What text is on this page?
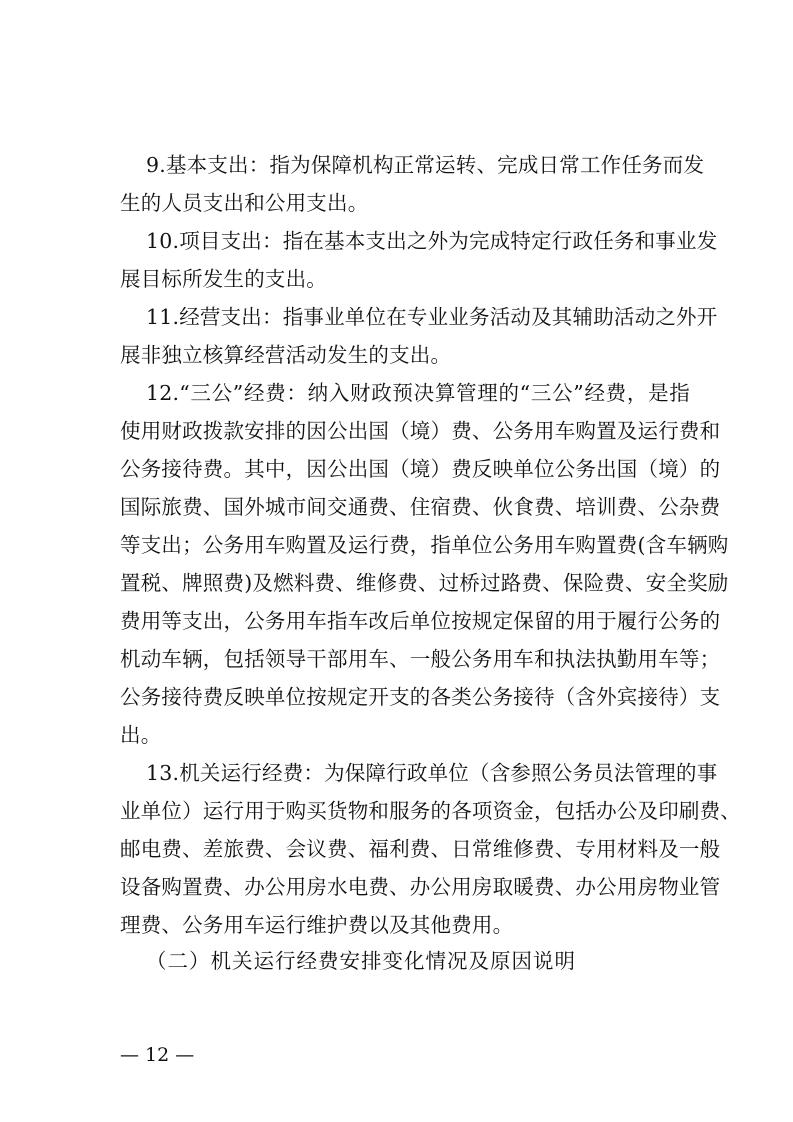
9.基本支出：指为保障机构正常运转、完成日常工作任务而发
生的人员支出和公用支出。
10.项目支出：指在基本支出之外为完成特定行政任务和事业发
展目标所发生的支出。
11.经营支出：指事业单位在专业业务活动及其辅助活动之外开
展非独立核算经营活动发生的支出。
12.“三公”经费：纳入财政预决算管理的“三公”经费，是指
使用财政拨款安排的因公出国（境）费、公务用车购置及运行费和
公务接待费。其中，因公出国（境）费反映单位公务出国（境）的
国际旅费、国外城市间交通费、住宿费、伙食费、培训费、公杂费
等支出；公务用车购置及运行费，指单位公务用车购置费(含车辆购
置税、牌照费)及燃料费、维修费、过桥过路费、保险费、安全奖励
费用等支出，公务用车指车改后单位按规定保留的用于履行公务的
机动车辆，包括领导干部用车、一般公务用车和执法执勤用车等；
公务接待费反映单位按规定开支的各类公务接待（含外宾接待）支
出。
13.机关运行经费：为保障行政单位（含参照公务员法管理的事
业单位）运行用于购买货物和服务的各项资金，包括办公及印刷费、
邮电费、差旅费、会议费、福利费、日常维修费、专用材料及一般
设备购置费、办公用房水电费、办公用房取暖费、办公用房物业管
理费、公务用车运行维护费以及其他费用。
（二）机关运行经费安排变化情况及原因说明
— 12 —
